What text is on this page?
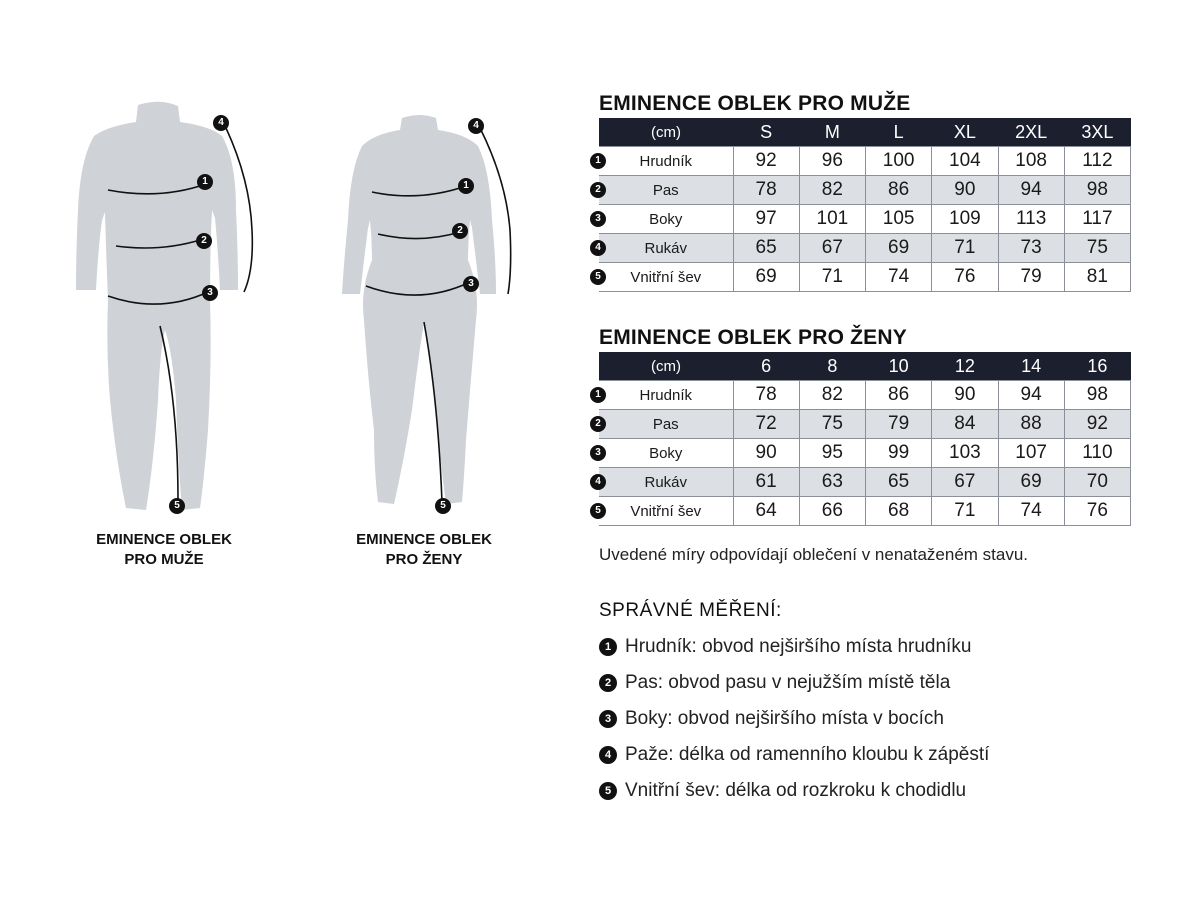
1
2
3
4
5
EMINENCE OBLEK
PRO MUŽE
1
2
3
4
5
EMINENCE OBLEK
PRO ŽENY
EMINENCE OBLEK PRO MUŽE
(cm)	S	M	L	XL	2XL	3XL

1 Hrudník	92	96	100	104	108	112

2 Pas	78	82	86	90	94	98

3 Boky	97	101	105	109	113	117

4 Rukáv	65	67	69	71	73	75

5 Vnitřní šev	69	71	74	76	79	81
EMINENCE OBLEK PRO ŽENY
(cm)	6	8	10	12	14	16

1 Hrudník	78	82	86	90	94	98

2 Pas	72	75	79	84	88	92

3 Boky	90	95	99	103	107	110

4 Rukáv	61	63	65	67	69	70

5 Vnitřní šev	64	66	68	71	74	76
Uvedené míry odpovídají oblečení v nenataženém stavu.
SPRÁVNÉ MĚŘENÍ:
1 Hrudník: obvod nejširšího místa hrudníku
2 Pas: obvod pasu v nejužším místě těla
3 Boky: obvod nejširšího místa v bocích
4 Paže: délka od ramenního kloubu k zápěstí
5 Vnitřní šev: délka od rozkroku k chodidlu
